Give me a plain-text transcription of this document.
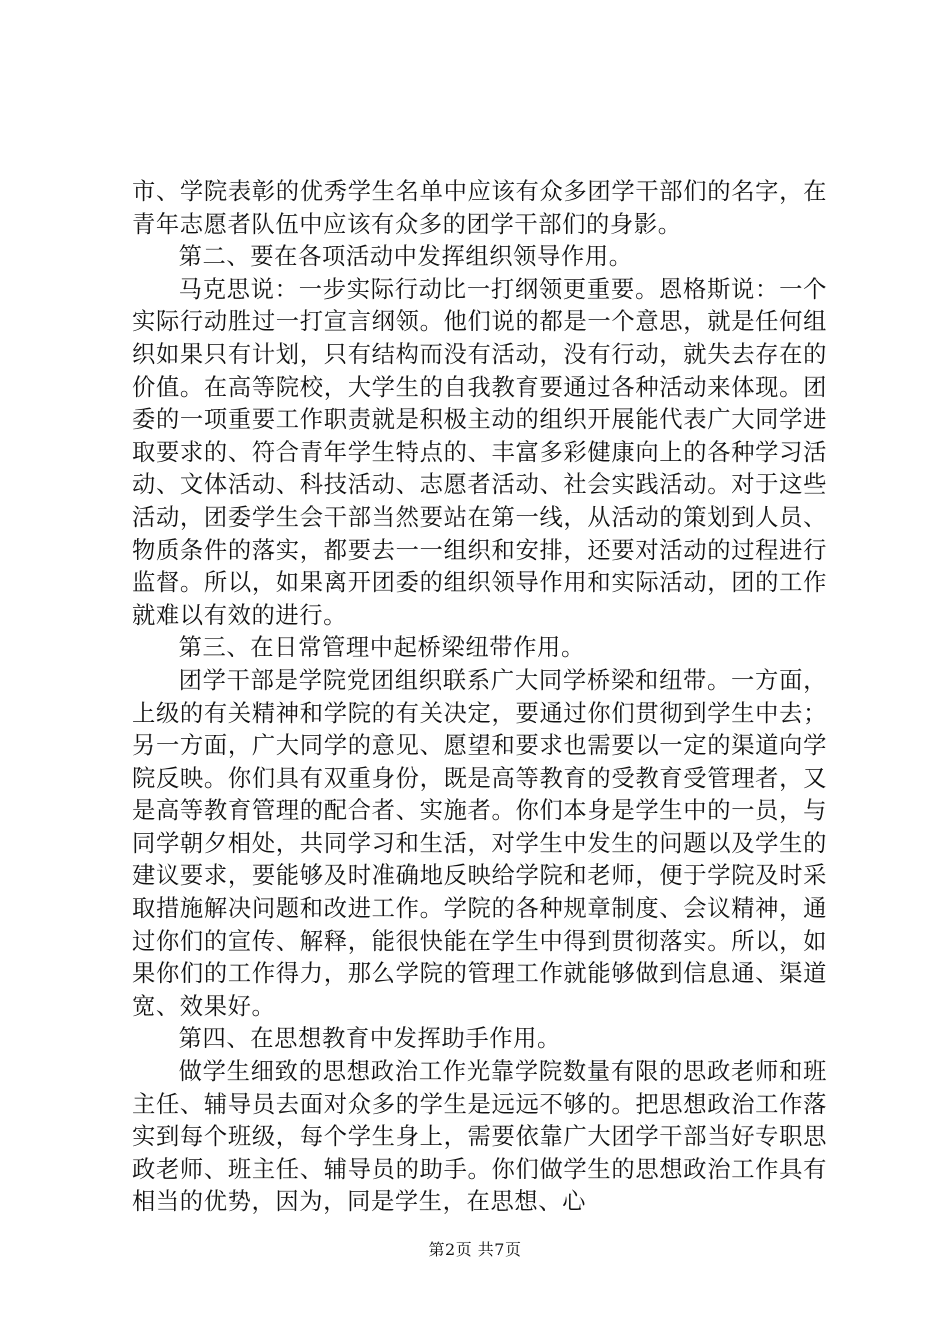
市、学院表彰的优秀学生名单中应该有众多团学干部们的名字，在青年志愿者队伍中应该有众多的团学干部们的身影。

第二、要在各项活动中发挥组织领导作用。

马克思说：一步实际行动比一打纲领更重要。恩格斯说：一个实际行动胜过一打宣言纲领。他们说的都是一个意思，就是任何组织如果只有计划，只有结构而没有活动，没有行动，就失去存在的价值。在高等院校，大学生的自我教育要通过各种活动来体现。团委的一项重要工作职责就是积极主动的组织开展能代表广大同学进取要求的、符合青年学生特点的、丰富多彩健康向上的各种学习活动、文体活动、科技活动、志愿者活动、社会实践活动。对于这些活动，团委学生会干部当然要站在第一线，从活动的策划到人员、物质条件的落实，都要去一一组织和安排，还要对活动的过程进行监督。所以，如果离开团委的组织领导作用和实际活动，团的工作就难以有效的进行。

第三、在日常管理中起桥梁纽带作用。

团学干部是学院党团组织联系广大同学桥梁和纽带。一方面，上级的有关精神和学院的有关决定，要通过你们贯彻到学生中去；另一方面，广大同学的意见、愿望和要求也需要以一定的渠道向学院反映。你们具有双重身份，既是高等教育的受教育受管理者，又是高等教育管理的配合者、实施者。你们本身是学生中的一员，与同学朝夕相处，共同学习和生活，对学生中发生的问题以及学生的建议要求，要能够及时准确地反映给学院和老师，便于学院及时采取措施解决问题和改进工作。学院的各种规章制度、会议精神，通过你们的宣传、解释，能很快能在学生中得到贯彻落实。所以，如果你们的工作得力，那么学院的管理工作就能够做到信息通、渠道宽、效果好。

第四、在思想教育中发挥助手作用。

做学生细致的思想政治工作光靠学院数量有限的思政老师和班主任、辅导员去面对众多的学生是远远不够的。把思想政治工作落实到每个班级，每个学生身上，需要依靠广大团学干部当好专职思政老师、班主任、辅导员的助手。你们做学生的思想政治工作具有相当的优势，因为，同是学生，在思想、心

第2页 共7页
